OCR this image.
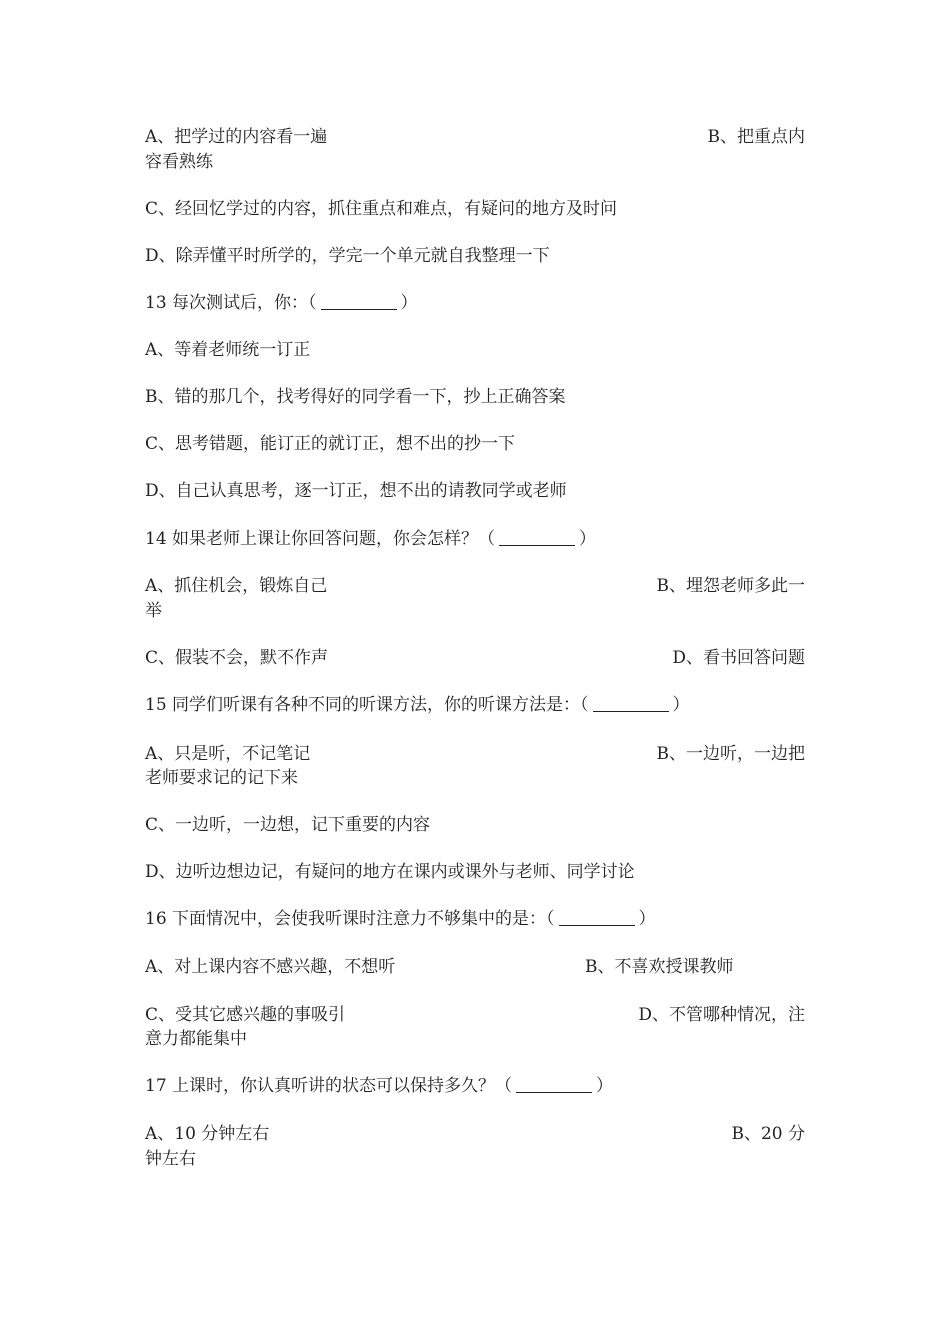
A、把学过的内容看一遍	B、把重点内
容看熟练
C、经回忆学过的内容，抓住重点和难点，有疑问的地方及时问
D、除弄懂平时所学的，学完一个单元就自我整理一下
13 每次测试后，你：（	）
A、等着老师统一订正
B、错的那几个，找考得好的同学看一下，抄上正确答案
C、思考错题，能订正的就订正，想不出的抄一下
D、自己认真思考，逐一订正，想不出的请教同学或老师
14 如果老师上课让你回答问题，你会怎样？（	）
A、抓住机会，锻炼自己	B、埋怨老师多此一
举
C、假装不会，默不作声	D、看书回答问题
15 同学们听课有各种不同的听课方法，你的听课方法是：（	）
A、只是听，不记笔记	B、一边听，一边把
老师要求记的记下来
C、一边听，一边想，记下重要的内容
D、边听边想边记，有疑问的地方在课内或课外与老师、同学讨论
16 下面情况中，会使我听课时注意力不够集中的是：（	）
A、对上课内容不感兴趣，不想听	B、不喜欢授课教师
C、受其它感兴趣的事吸引	D、不管哪种情况，注
意力都能集中
17 上课时，你认真听讲的状态可以保持多久？（	）
A、10 分钟左右	B、20 分
钟左右
